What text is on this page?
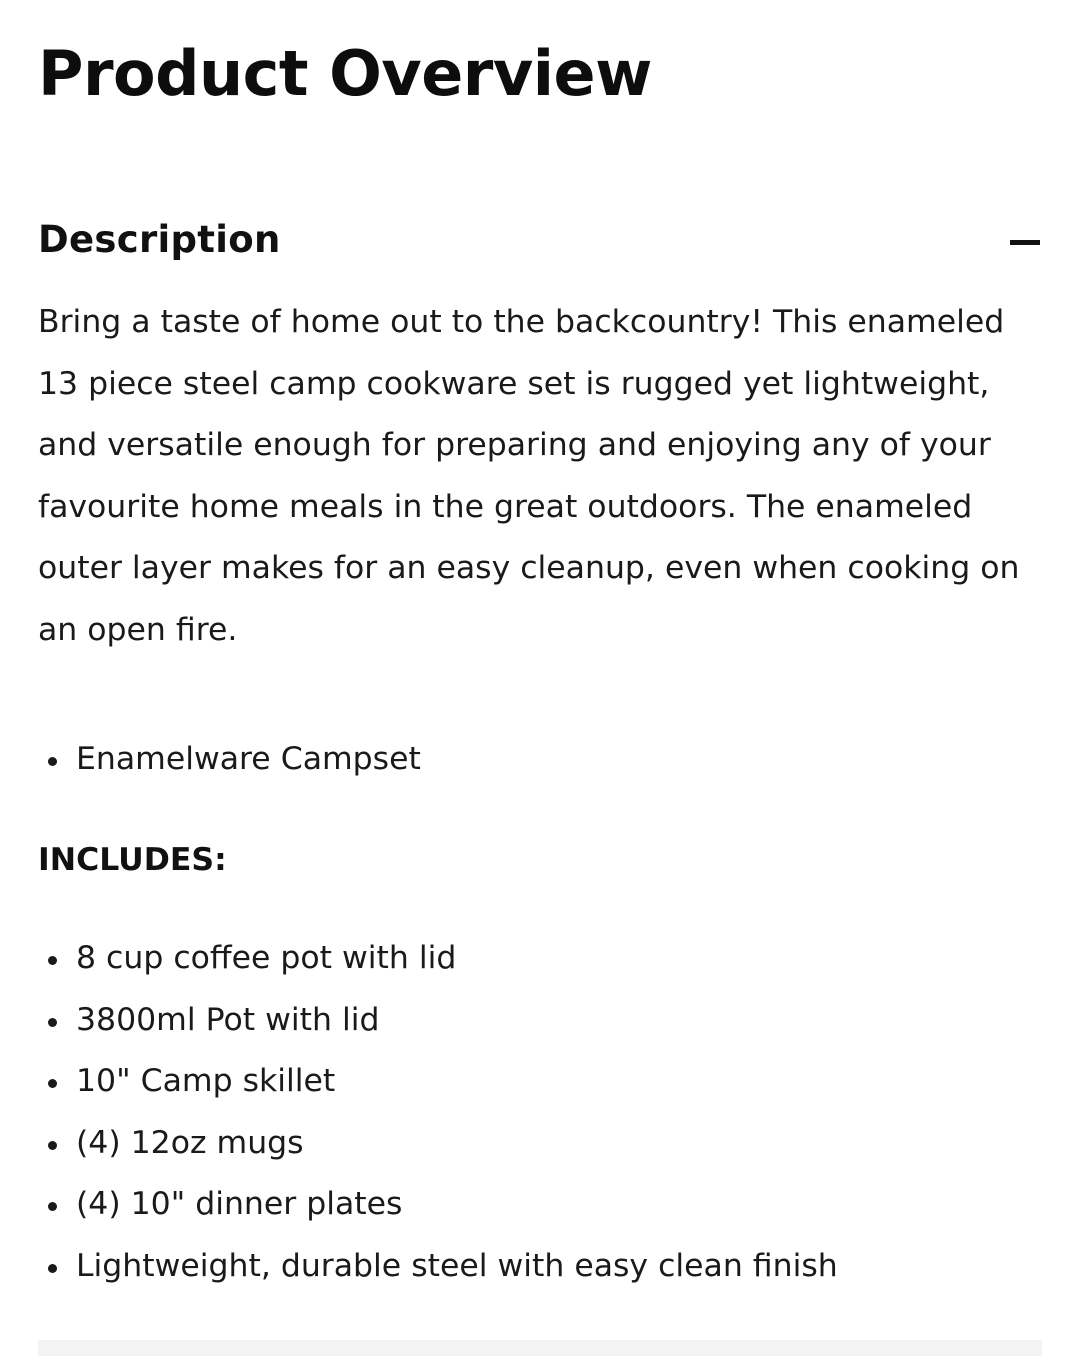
Product Overview
Description

Bring a taste of home out to the backcountry! This enameled 13 piece steel camp cookware set is rugged yet lightweight, and versatile enough for preparing and enjoying any of your favourite home meals in the great outdoors. The enameled outer layer makes for an easy cleanup, even when cooking on an open fire.

Enamelware Campset
INCLUDES:
8 cup coffee pot with lid
3800ml Pot with lid
10" Camp skillet
(4) 12oz mugs
(4) 10" dinner plates
Lightweight, durable steel with easy clean finish
